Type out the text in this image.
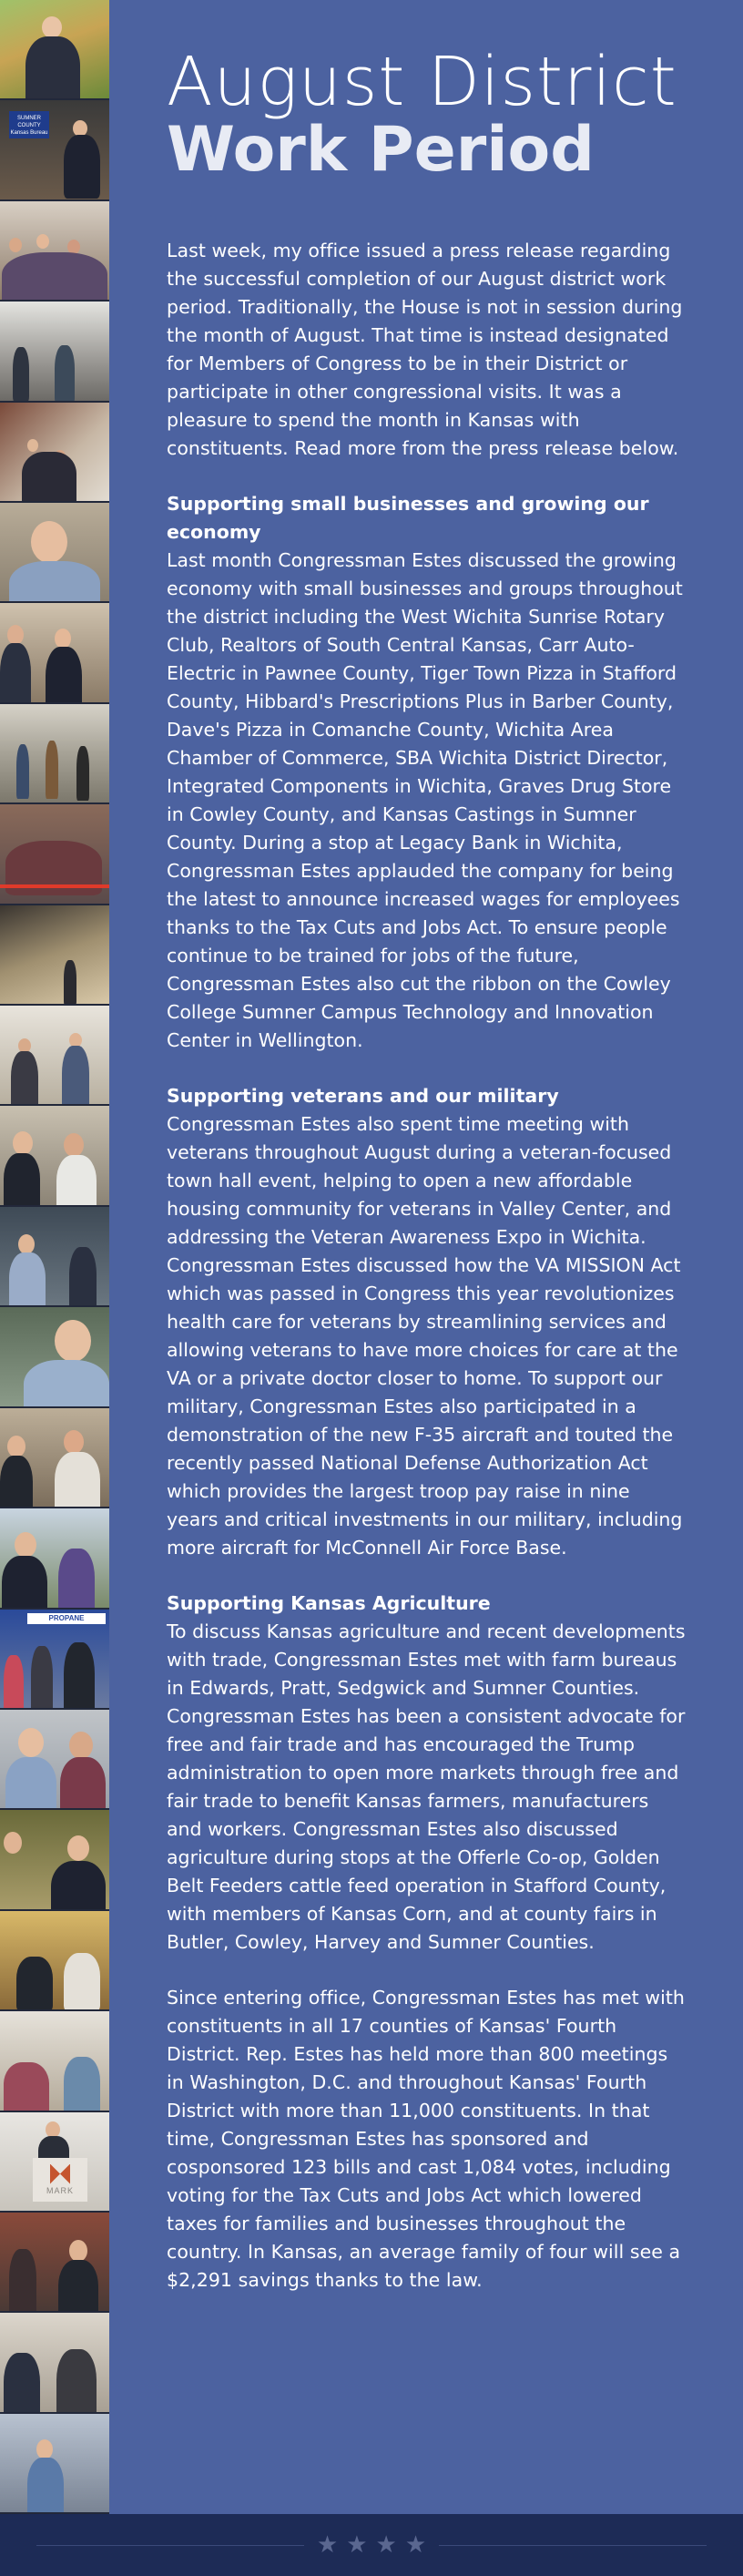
SUMNER COUNTY Kansas Bureau
PROPANE
MARK
August District
Work Period

Last week, my office issued a press release regarding the successful completion of our August district work period. Traditionally, the House is not in session during the month of August. That time is instead designated for Members of Congress to be in their District or participate in other congressional visits. It was a pleasure to spend the month in Kansas with constituents. Read more from the press release below.

Supporting small businesses and growing our economy

Last month Congressman Estes discussed the growing economy with small businesses and groups throughout the district including the West Wichita Sunrise Rotary Club, Realtors of South Central Kansas, Carr Auto-Electric in Pawnee County, Tiger Town Pizza in Stafford County, Hibbard's Prescriptions Plus in Barber County, Dave's Pizza in Comanche County, Wichita Area Chamber of Commerce, SBA Wichita District Director, Integrated Components in Wichita, Graves Drug Store in Cowley County, and Kansas Castings in Sumner County. During a stop at Legacy Bank in Wichita, Congressman Estes applauded the company for being the latest to announce increased wages for employees thanks to the Tax Cuts and Jobs Act. To ensure people continue to be trained for jobs of the future, Congressman Estes also cut the ribbon on the Cowley College Sumner Campus Technology and Innovation Center in Wellington.

Supporting veterans and our military

Congressman Estes also spent time meeting with veterans throughout August during a veteran-focused town hall event, helping to open a new affordable housing community for veterans in Valley Center, and addressing the Veteran Awareness Expo in Wichita. Congressman Estes discussed how the VA MISSION Act which was passed in Congress this year revolutionizes health care for veterans by streamlining services and allowing veterans to have more choices for care at the VA or a private doctor closer to home. To support our military, Congressman Estes also participated in a demonstration of the new F-35 aircraft and touted the recently passed National Defense Authorization Act which provides the largest troop pay raise in nine years and critical investments in our military, including more aircraft for McConnell Air Force Base.

Supporting Kansas Agriculture

To discuss Kansas agriculture and recent developments with trade, Congressman Estes met with farm bureaus in Edwards, Pratt, Sedgwick and Sumner Counties. Congressman Estes has been a consistent advocate for free and fair trade and has encouraged the Trump administration to open more markets through free and fair trade to benefit Kansas farmers, manufacturers and workers. Congressman Estes also discussed agriculture during stops at the Offerle Co-op, Golden Belt Feeders cattle feed operation in Stafford County, with members of Kansas Corn, and at county fairs in Butler, Cowley, Harvey and Sumner Counties.

Since entering office, Congressman Estes has met with constituents in all 17 counties of Kansas' Fourth District. Rep. Estes has held more than 800 meetings in Washington, D.C. and throughout Kansas' Fourth District with more than 11,000 constituents. In that time, Congressman Estes has sponsored and cosponsored 123 bills and cast 1,084 votes, including voting for the Tax Cuts and Jobs Act which lowered taxes for families and businesses throughout the country. In Kansas, an average family of four will see a $2,291 savings thanks to the law.

★ ★ ★ ★
